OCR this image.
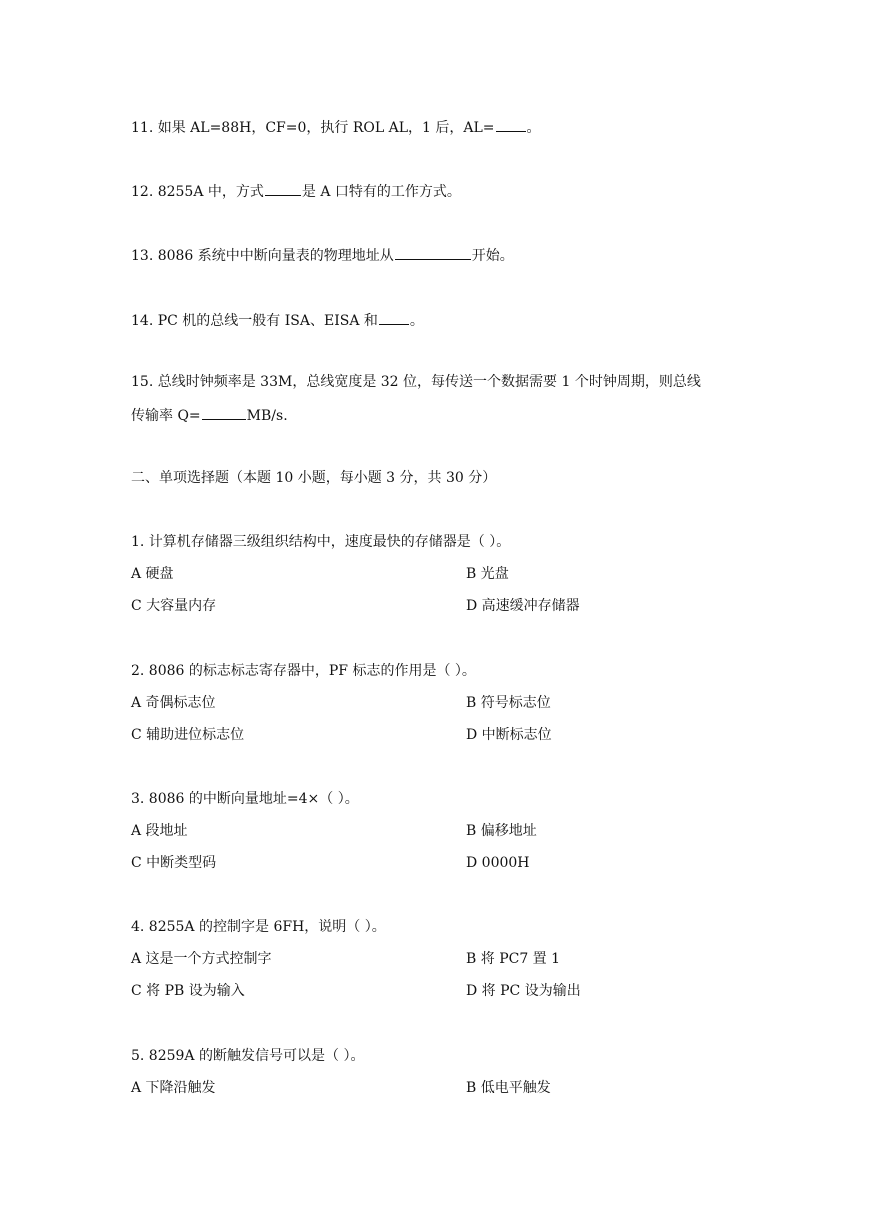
11. 如果 AL=88H，CF=0，执行 ROL AL，1 后，AL= 。
12. 8255A 中，方式	是 A 口特有的工作方式。
13. 8086 系统中中断向量表的物理地址从	开始。
14. PC 机的总线一般有 ISA、EISA 和 。
15. 总线时钟频率是 33M，总线宽度是 32 位，每传送一个数据需要 1 个时钟周期，则总线
传输率 Q=	MB/s.
二、单项选择题（本题 10 小题，每小题 3 分，共 30 分）
1. 计算机存储器三级组织结构中，速度最快的存储器是（ ）。
A 硬盘	B 光盘
C 大容量内存	D 高速缓冲存储器
2. 8086 的标志标志寄存器中，PF 标志的作用是（ ）。
A 奇偶标志位	B 符号标志位
C 辅助进位标志位	D 中断标志位
3. 8086 的中断向量地址=4×（ ）。
A 段地址	B 偏移地址
C 中断类型码	D 0000H
4. 8255A 的控制字是 6FH，说明（ ）。
A 这是一个方式控制字	B 将 PC7 置 1
C 将 PB 设为输入	D 将 PC 设为输出
5. 8259A 的断触发信号可以是（ ）。
A 下降沿触发	B 低电平触发
